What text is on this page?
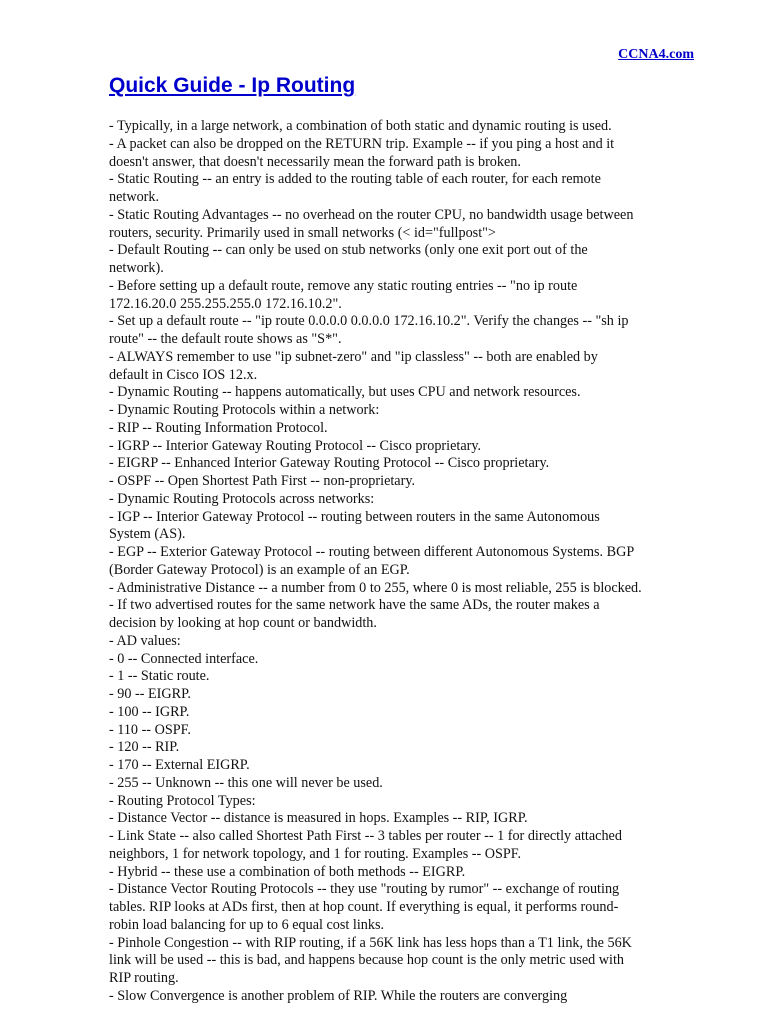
CCNA4.com
Quick Guide - Ip Routing
- Typically, in a large network, a combination of both static and dynamic routing is used.
- A packet can also be dropped on the RETURN trip. Example -- if you ping a host and it
doesn't answer, that doesn't necessarily mean the forward path is broken.
- Static Routing -- an entry is added to the routing table of each router, for each remote
network.
- Static Routing Advantages -- no overhead on the router CPU, no bandwidth usage between
routers, security. Primarily used in small networks (< id="fullpost">
- Default Routing -- can only be used on stub networks (only one exit port out of the
network).
- Before setting up a default route, remove any static routing entries -- "no ip route
172.16.20.0 255.255.255.0 172.16.10.2".
- Set up a default route -- "ip route 0.0.0.0 0.0.0.0 172.16.10.2". Verify the changes -- "sh ip
route" -- the default route shows as "S*".
- ALWAYS remember to use "ip subnet-zero" and "ip classless" -- both are enabled by
default in Cisco IOS 12.x.
- Dynamic Routing -- happens automatically, but uses CPU and network resources.
- Dynamic Routing Protocols within a network:
- RIP -- Routing Information Protocol.
- IGRP -- Interior Gateway Routing Protocol -- Cisco proprietary.
- EIGRP -- Enhanced Interior Gateway Routing Protocol -- Cisco proprietary.
- OSPF -- Open Shortest Path First -- non-proprietary.
- Dynamic Routing Protocols across networks:
- IGP -- Interior Gateway Protocol -- routing between routers in the same Autonomous
System (AS).
- EGP -- Exterior Gateway Protocol -- routing between different Autonomous Systems. BGP
(Border Gateway Protocol) is an example of an EGP.
- Administrative Distance -- a number from 0 to 255, where 0 is most reliable, 255 is blocked.
- If two advertised routes for the same network have the same ADs, the router makes a
decision by looking at hop count or bandwidth.
- AD values:
- 0 -- Connected interface.
- 1 -- Static route.
- 90 -- EIGRP.
- 100 -- IGRP.
- 110 -- OSPF.
- 120 -- RIP.
- 170 -- External EIGRP.
- 255 -- Unknown -- this one will never be used.
- Routing Protocol Types:
- Distance Vector -- distance is measured in hops. Examples -- RIP, IGRP.
- Link State -- also called Shortest Path First -- 3 tables per router -- 1 for directly attached
neighbors, 1 for network topology, and 1 for routing. Examples -- OSPF.
- Hybrid -- these use a combination of both methods -- EIGRP.
- Distance Vector Routing Protocols -- they use "routing by rumor" -- exchange of routing
tables. RIP looks at ADs first, then at hop count. If everything is equal, it performs round-
robin load balancing for up to 6 equal cost links.
- Pinhole Congestion -- with RIP routing, if a 56K link has less hops than a T1 link, the 56K
link will be used -- this is bad, and happens because hop count is the only metric used with
RIP routing.
- Slow Convergence is another problem of RIP. While the routers are converging
